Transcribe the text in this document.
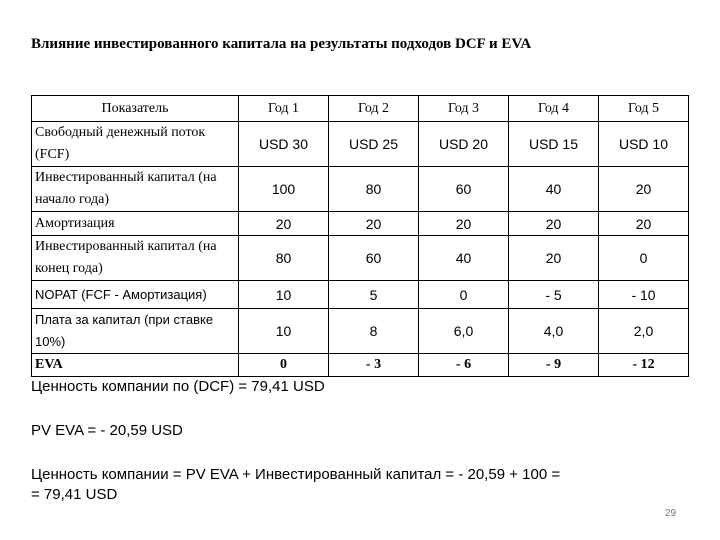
Влияние инвестированного капитала на результаты подходов DCF и EVA
Показатель	Год 1	Год 2	Год 3	Год 4	Год 5
Свободный денежный поток (FCF)	USD 30	USD 25	USD 20	USD 15	USD 10
Инвестированный капитал (на начало года)	100	80	60	40	20
Амортизация	20	20	20	20	20
Инвестированный капитал (на конец года)	80	60	40	20	0
NOPAT (FCF - Амортизация)	10	5	0	- 5	- 10
Плата за капитал (при ставке 10%)	10	8	6,0	4,0	2,0
EVA	0	- 3	- 6	- 9	- 12
Ценность компании по (DCF) = 79,41 USD
PV EVA = - 20,59 USD
Ценность компании = PV EVA + Инвестированный капитал = - 20,59 + 100 =
= 79,41 USD
29
